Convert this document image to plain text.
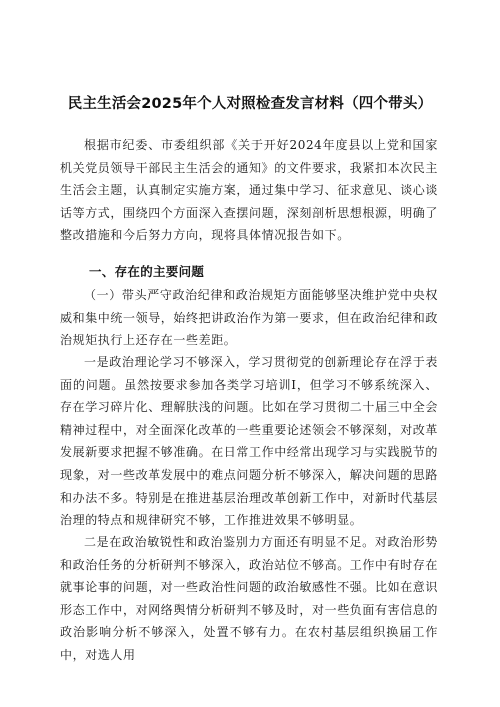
民主生活会2025年个人对照检查发言材料（四个带头）
根据市纪委、市委组织部《关于开好2024年度县以上党和国家机关党员领导干部民主生活会的通知》的文件要求，我紧扣本次民主生活会主题，认真制定实施方案，通过集中学习、征求意见、谈心谈话等方式，围绕四个方面深入查摆问题，深刻剖析思想根源，明确了整改措施和今后努力方向，现将具体情况报告如下。
一、存在的主要问题
（一）带头严守政治纪律和政治规矩方面能够坚决维护党中央权威和集中统一领导，始终把讲政治作为第一要求，但在政治纪律和政治规矩执行上还存在一些差距。
一是政治理论学习不够深入，学习贯彻党的创新理论存在浮于表面的问题。虽然按要求参加各类学习培训I，但学习不够系统深入、存在学习碎片化、理解肤浅的问题。比如在学习贯彻二十届三中全会精神过程中，对全面深化改革的一些重要论述领会不够深刻，对改革发展新要求把握不够准确。在日常工作中经常出现学习与实践脱节的现象，对一些改革发展中的难点问题分析不够深入，解决问题的思路和办法不多。特别是在推进基层治理改革创新工作中，对新时代基层治理的特点和规律研究不够，工作推进效果不够明显。
二是在政治敏锐性和政治鉴别力方面还有明显不足。对政治形势和政治任务的分析研判不够深入，政治站位不够高。工作中有时存在就事论事的问题，对一些政治性问题的政治敏感性不强。比如在意识形态工作中，对网络舆情分析研判不够及时，对一些负面有害信息的政治影响分析不够深入，处置不够有力。在农村基层组织换届工作中，对选人用
